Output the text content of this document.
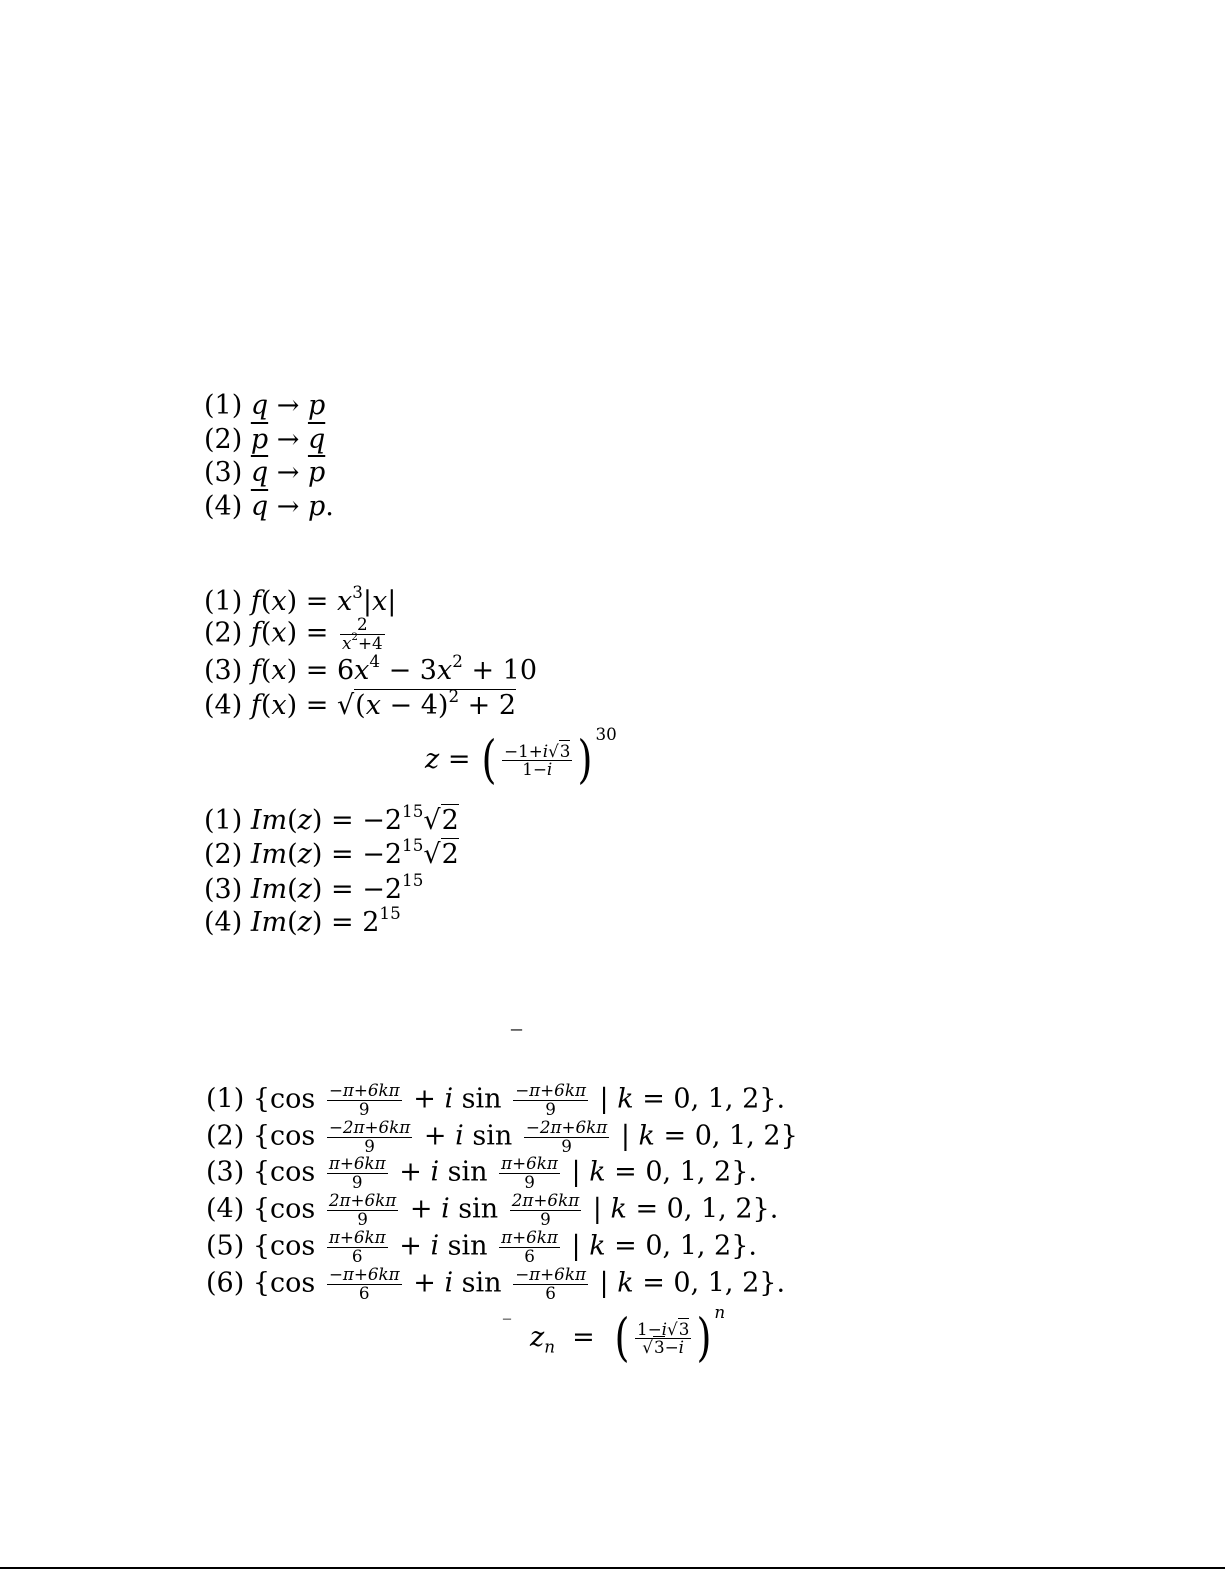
(1) q → p
(2) $\overline{p} \to \overline{q}$
(3) $\overline{q} \to \overline{p}$
(4) $\overline{q} \to p$.
(1) $f(x) = x^3|x|$
(2) $f(x) = \frac{2}{x^2+4}$
(3) $f(x) = 6x^4 - 3x^2 + 10$
(4) $f(x) = √(x - 4)^2 + 2$
z = ( $\frac{-1+i√3}{1-i}$ ) $^{30}$
(1) $Im(z) = -2^{15}√2$
(2) $Im(z) = -2^{15}√2$
(3) $Im(z) = -2^{15}$
(4) $Im(z) = 2^{15}$
–
(1) {$\cos \frac{-\pi+6k\pi}{9} + i$ $\sin \frac{-\pi+6k\pi}{9}$ | k = 0, 1, 2}.
(2) {$\cos \frac{-2\pi+6k\pi}{9} + i$ $\sin \frac{-2\pi+6k\pi}{9}$ | k = 0, 1, 2}
(3) {$\cos \frac{\pi+6k\pi}{9} + i$ $\sin \frac{\pi+6k\pi}{9}$ | k = 0, 1, 2}.
(4) {$\cos \frac{2\pi+6k\pi}{9} + i$ $\sin \frac{2\pi+6k\pi}{9}$ | k = 0, 1, 2}.
(5) {$\cos \frac{\pi+6k\pi}{6} + i$ $\sin \frac{\pi+6k\pi}{6}$ | k = 0, 1, 2}.
(6) {$\cos \frac{-\pi+6k\pi}{6} + i$ $\sin \frac{-\pi+6k\pi}{6}$ | k = 0, 1, 2}.
–
$z_n$  =  ( $\frac{1-i√3}{√3-i}$ ) $^n$
